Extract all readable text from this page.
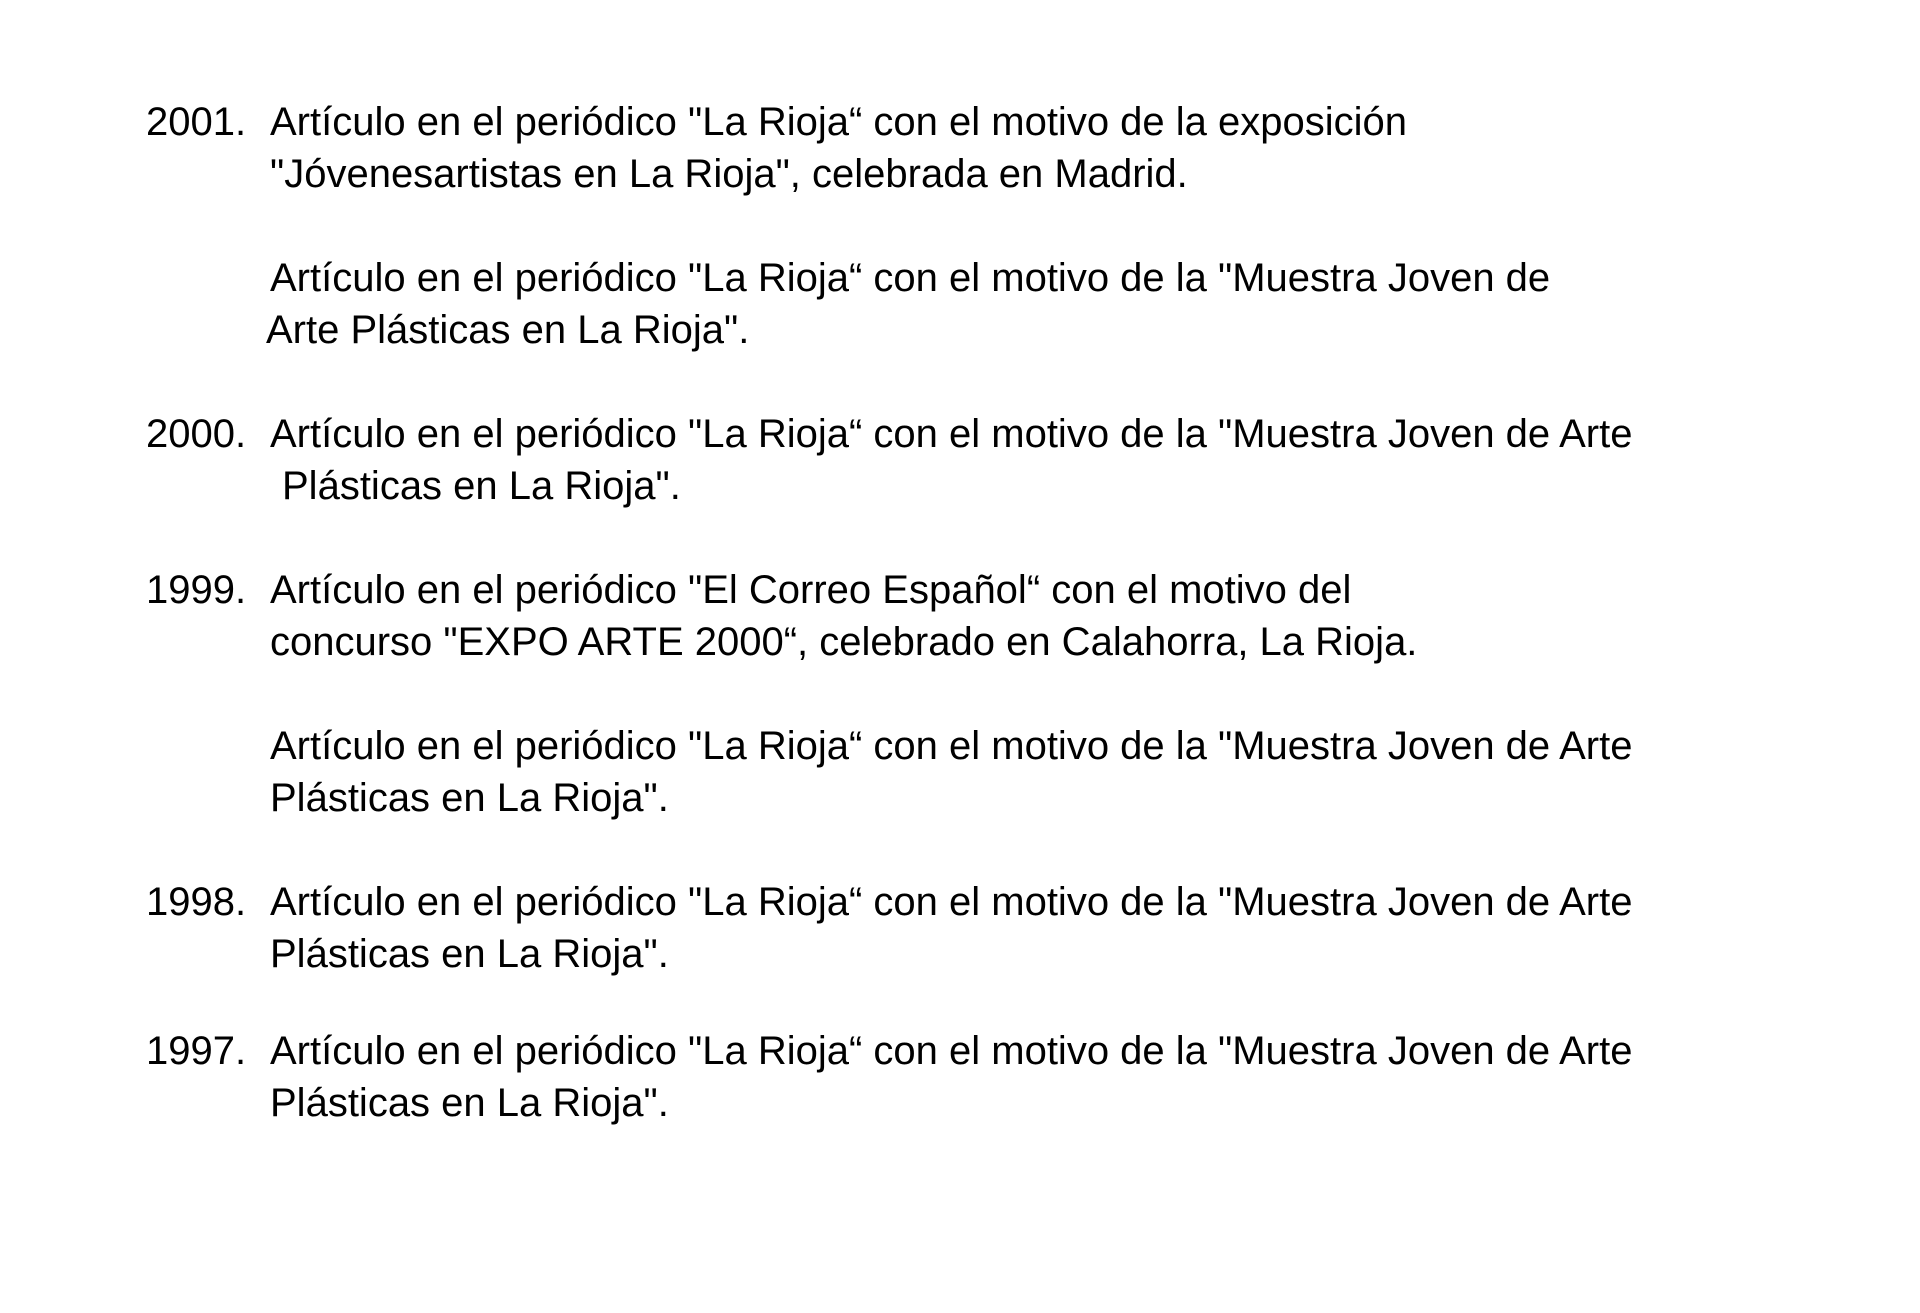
2001. Artículo en el periódico "La Rioja“ con el motivo de la exposición
"Jóvenesartistas en La Rioja", celebrada en Madrid.
Artículo en el periódico "La Rioja“ con el motivo de la "Muestra Joven de
Arte Plásticas en La Rioja".
2000. Artículo en el periódico "La Rioja“ con el motivo de la "Muestra Joven de Arte
Plásticas en La Rioja".
1999. Artículo en el periódico "El Correo Español“ con el motivo del
concurso "EXPO ARTE 2000“, celebrado en Calahorra, La Rioja.
Artículo en el periódico "La Rioja“ con el motivo de la "Muestra Joven de Arte
Plásticas en La Rioja".
1998. Artículo en el periódico "La Rioja“ con el motivo de la "Muestra Joven de Arte
Plásticas en La Rioja".
1997. Artículo en el periódico "La Rioja“ con el motivo de la "Muestra Joven de Arte
Plásticas en La Rioja".
